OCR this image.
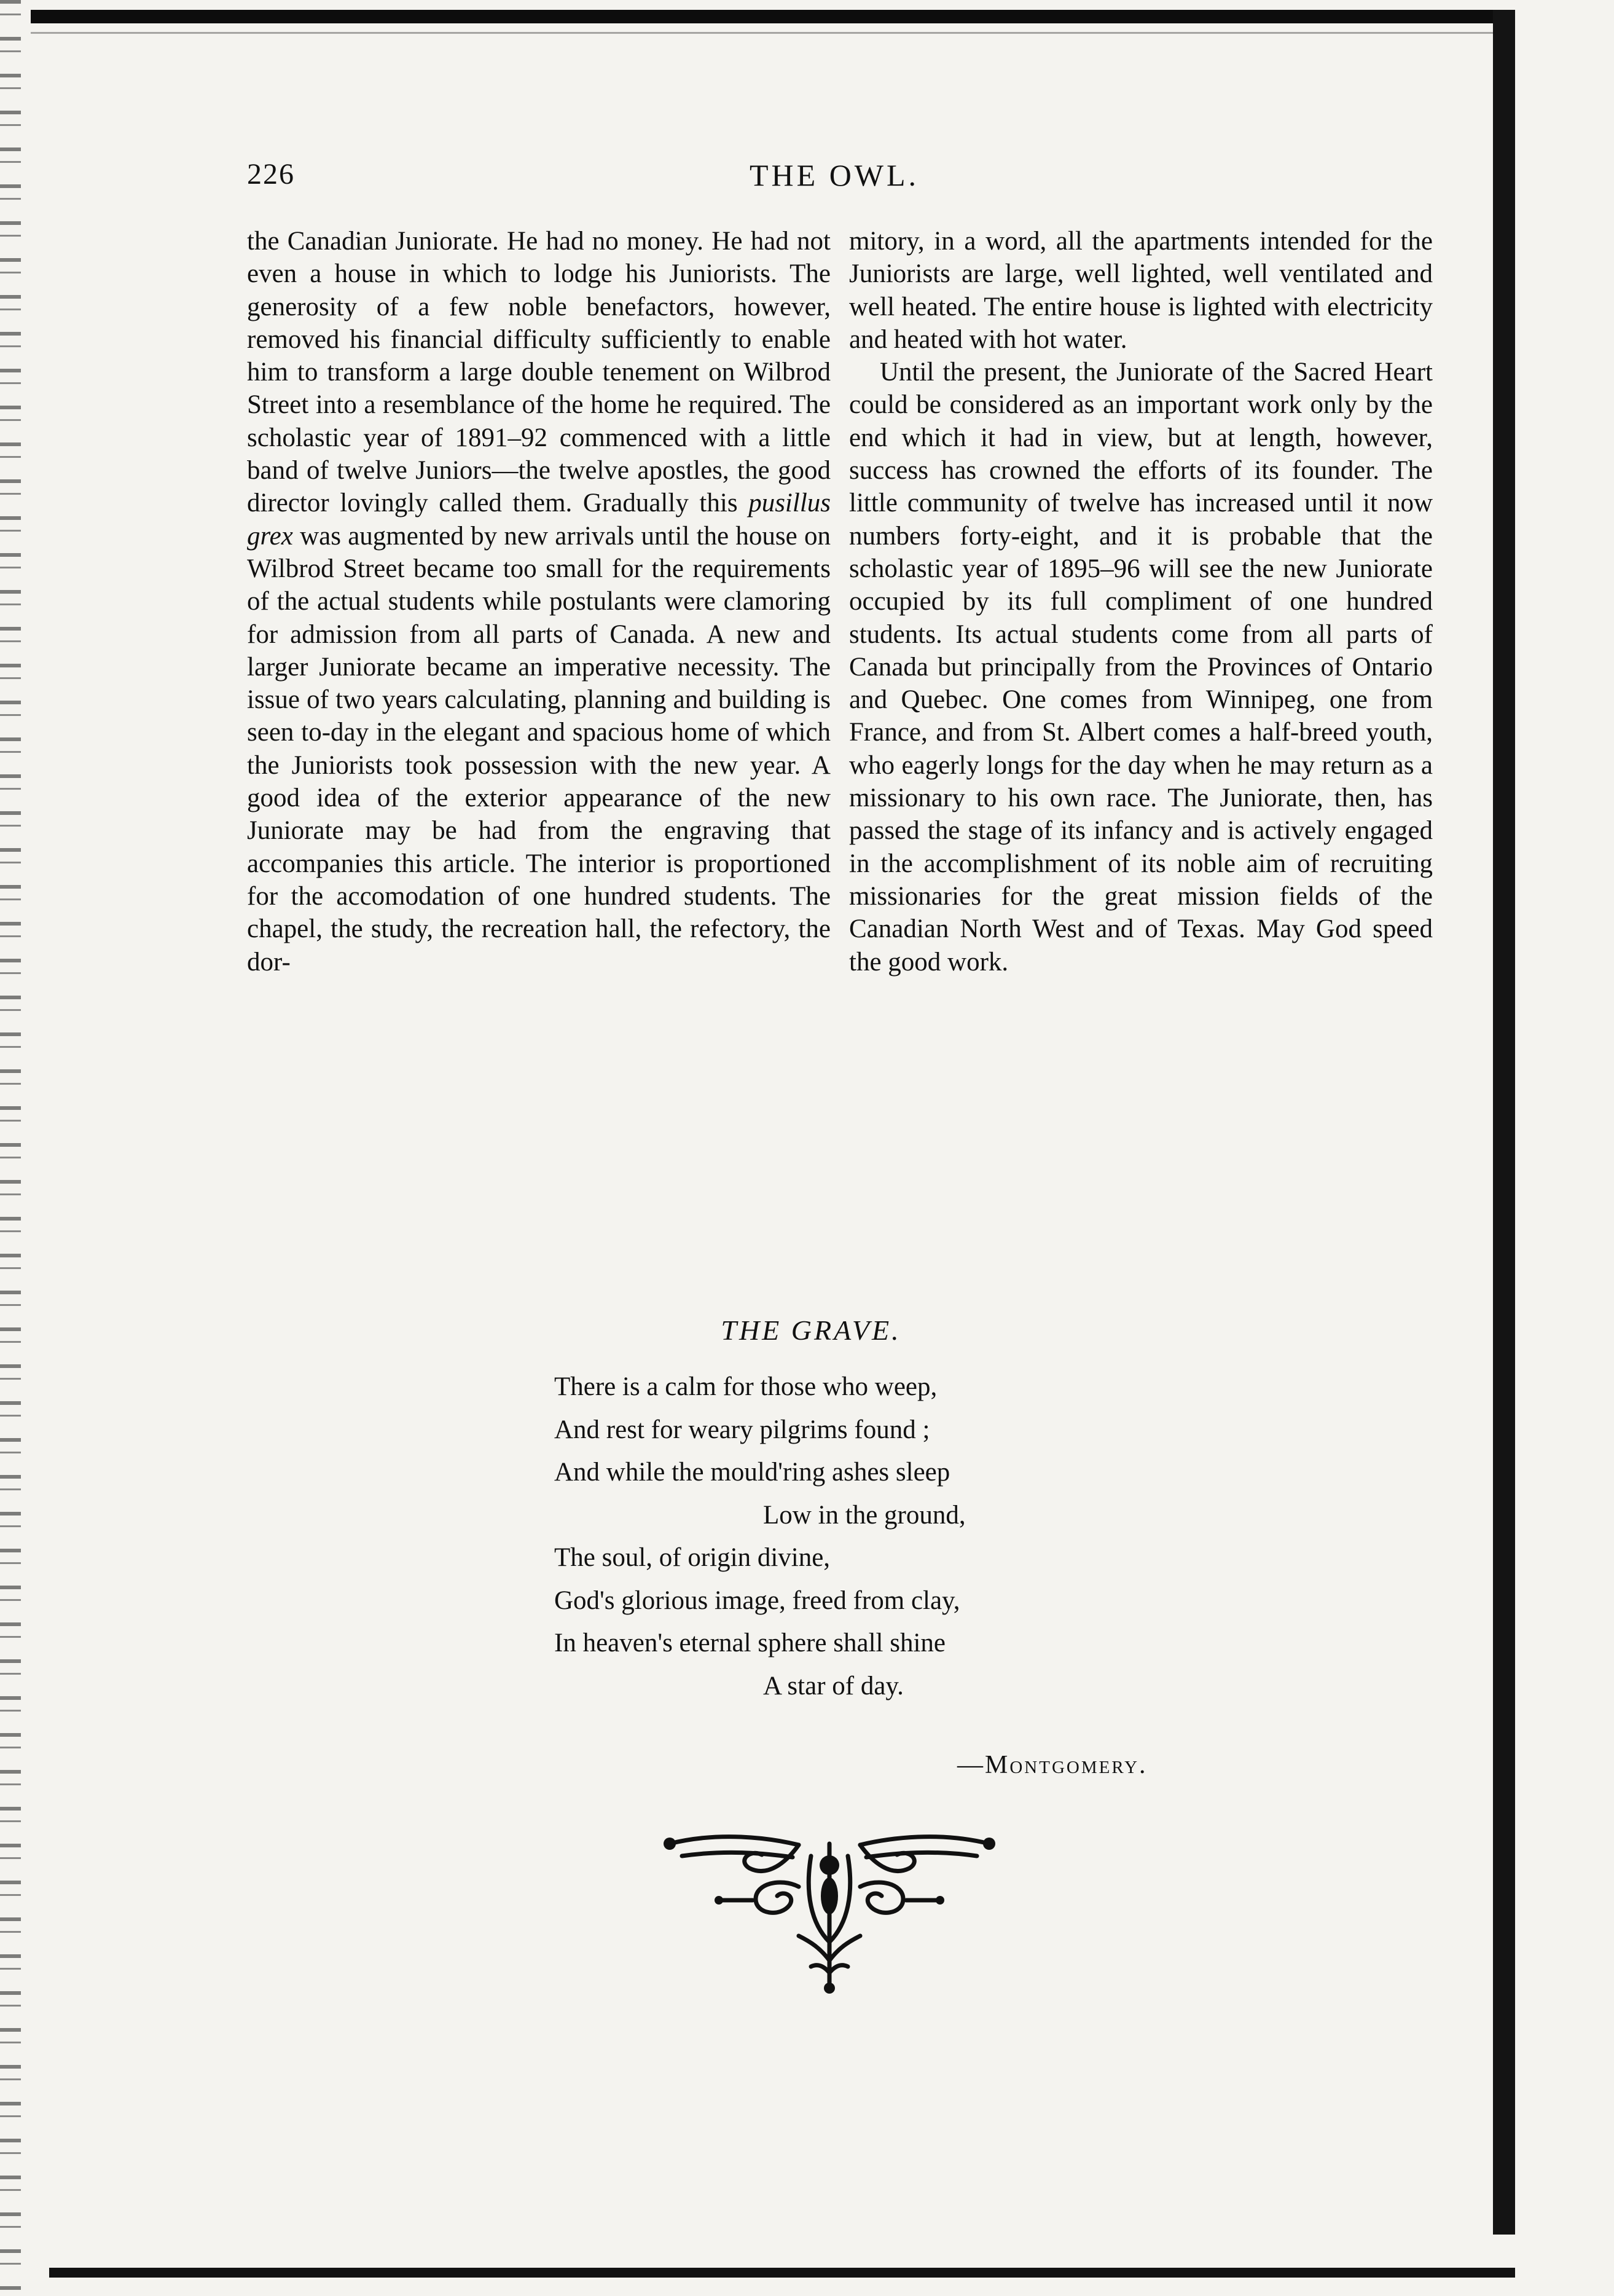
226	THE OWL.

the Canadian Juniorate. He had no money. He had not even a house in which to lodge his Juniorists. The generosity of a few noble benefactors, however, removed his financial difficulty sufficiently to enable him to transform a large double tenement on Wilbrod Street into a resemblance of the home he required. The scholastic year of 1891–92 commenced with a little band of twelve Juniors—the twelve apostles, the good director lovingly called them. Gradually this pusillus grex was augmented by new arrivals until the house on Wilbrod Street became too small for the requirements of the actual students while postulants were clamoring for admission from all parts of Canada. A new and larger Juniorate became an imperative necessity. The issue of two years calculating, planning and building is seen to-day in the elegant and spacious home of which the Juniorists took possession with the new year. A good idea of the exterior appearance of the new Juniorate may be had from the engraving that accompanies this article. The interior is proportioned for the accomodation of one hundred students. The chapel, the study, the recreation hall, the refectory, the dor-

mitory, in a word, all the apartments intended for the Juniorists are large, well lighted, well ventilated and well heated. The entire house is lighted with electricity and heated with hot water.

Until the present, the Juniorate of the Sacred Heart could be considered as an important work only by the end which it had in view, but at length, however, success has crowned the efforts of its founder. The little community of twelve has increased until it now numbers forty-eight, and it is probable that the scholastic year of 1895–96 will see the new Juniorate occupied by its full compliment of one hundred students. Its actual students come from all parts of Canada but principally from the Provinces of Ontario and Quebec. One comes from Winnipeg, one from France, and from St. Albert comes a half-breed youth, who eagerly longs for the day when he may return as a missionary to his own race. The Juniorate, then, has passed the stage of its infancy and is actively engaged in the accomplishment of its noble aim of recruiting missionaries for the great mission fields of the Canadian North West and of Texas. May God speed the good work.

THE GRAVE.
There is a calm for those who weep,
And rest for weary pilgrims found ;
And while the mould'ring ashes sleep
Low in the ground,
The soul, of origin divine,
God's glorious image, freed from clay,
In heaven's eternal sphere shall shine
A star of day.
—Montgomery.
